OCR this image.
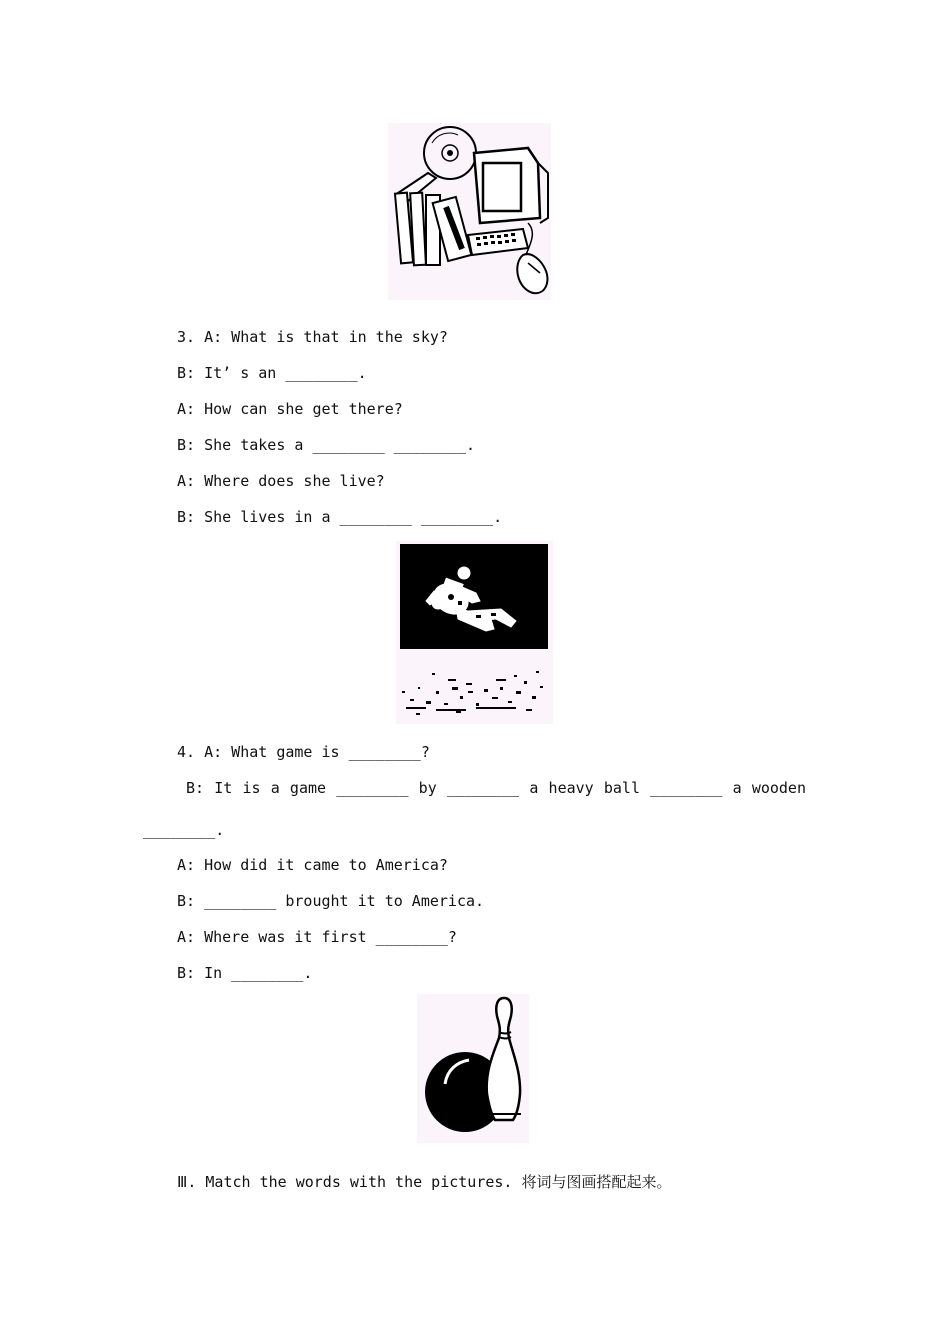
3. A: What is that in the sky?
B: It’ s an ________.
A: How can she get there?
B: She takes a ________ ________.
A: Where does she live?
B: She lives in a ________ ________.
4. A: What game is ________?
B: It is a game ________ by ________ a heavy ball ________ a wooden
________.
A: How did it came to America?
B: ________ brought it to America.
A: Where was it first ________?
B: In ________.
Ⅲ. Match the words with the pictures. 将词与图画搭配起来。
